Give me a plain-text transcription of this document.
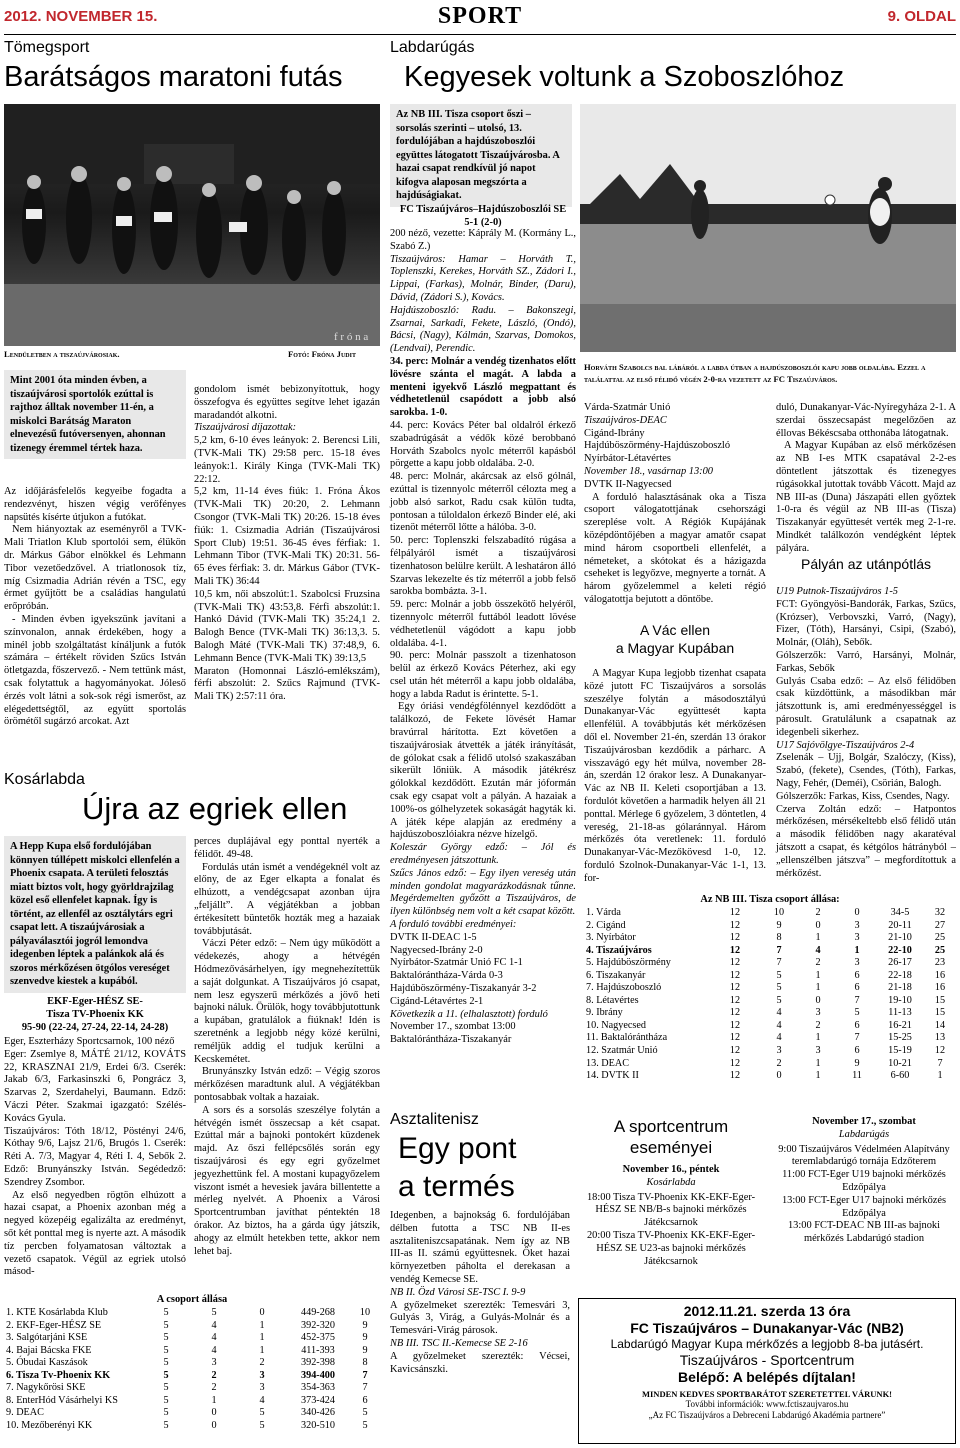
2012. NOVEMBER 15.	SPORT	9. OLDAL
Tömegsport
Barátságos maratoni futás
f r ó n a
Lendületben a tiszaújvárosiak.	Fotó: Fróna Judit
Mint 2001 óta minden évben, a tiszaújvárosi sportolók ezúttal is rajthoz álltak november 11-én, a miskolci Barátság Maraton elnevezésű futóversenyen, ahonnan tizenegy éremmel tértek haza.

Az időjárásfelelős kegyeibe fogadta a rendezvényt, hiszen végig verőfényes napsütés kísérte útjukon a futókat.

Nem hiányoztak az eseményről a TVK-Mali Triatlon Klub sportolói sem, élükön dr. Márkus Gábor elnökkel és Lehmann Tibor vezetőedzővel. A triatlonosok tíz, míg Csizmadia Adrián révén a TSC, egy érmet gyűjtött be a családias hangulatú erőpróbán.

- Minden évben igyekszünk javítani a színvonalon, annak érdekében, hogy a minél jobb szolgáltatást kínáljunk a futók számára – értékelt röviden Szűcs István ötletgazda, főszervező. - Nem tettünk mást, csak folytattuk a hagyományokat. Jóleső érzés volt látni a sok-sok régi ismerőst, az elégedettségtől, az együtt sportolás örömétől sugárzó arcokat. Azt

gondolom ismét bebizonyítottuk, hogy összefogva és együttes segítve lehet igazán maradandót alkotni.

Tiszaújvárosi díjazottak:

5,2 km, 6-10 éves leányok: 2. Berencsi Lili, (TVK-Mali TK) 29:58 perc. 15-18 éves leányok:1. Király Kinga (TVK-Mali TK) 22:12.

5,2 km, 11-14 éves fiúk: 1. Fróna Ákos (TVK-Mali TK) 20:20, 2. Lehmann Csongor (TVK-Mali TK) 20:26. 15-18 éves fiúk: 1. Csizmadia Adrián (Tiszaújvárosi Sport Club) 19:51. 36-45 éves férfiak: 1. Lehmann Tibor (TVK-Mali TK) 20:31. 56-65 éves férfiak: 3. dr. Márkus Gábor (TVK-Mali TK) 36:44

10,5 km, női abszolút:1. Szabolcsi Fruzsina (TVK-Mali TK) 43:53,8. Férfi abszolút:1. Hankó Dávid (TVK-Mali TK) 35:24,1 2. Balogh Bence (TVK-Mali TK) 36:13,3. 5. Balogh Máté (TVK-Mali TK) 37:48,9, 6. Lehmann Bence (TVK-Mali TK) 39:13,5

Maraton (Homonnai László-emlékszám), férfi abszolút: 2. Szűcs Rajmund (TVK-Mali TK) 2:57:11 óra.

Kosárlabda
Újra az egriek ellen
A Hepp Kupa első fordulójában könnyen túllépett miskolci ellenfelén a Phoenix csapata. A területi felosztás miatt biztos volt, hogy györldrajzilag közel eső ellenfelet kapnak. Így is történt, az ellenfél az osztálytárs egri csapat lett. A tiszaújvárosiak a pályaválasztói jogról lemondva idegenben léptek a palánkok alá és szoros mérkőzésen ötgólos vereséget szenvedve kiestek a kupából.
EKF-Eger-HÉSZ SE-
Tisza TV-Phoenix KK
95-90 (22-24, 27-24, 22-14, 24-28)

Eger, Eszterházy Sportcsarnok, 100 néző

Eger: Zsemlye 8, MÁTÉ 21/12, KOVÁTS 22, KRASZNAI 21/9, Erdei 6/3. Cserék: Jakab 6/3, Farkasinszki 6, Pongrácz 3, Szarvas 2, Szerdahelyi, Baumann. Edző: Váczi Péter. Szakmai igazgató: Szélés-Kovács Gyula.

Tiszaújváros: Tóth 18/12, Pöstényi 24/6, Kóthay 9/6, Lajsz 21/6, Brugós 1. Cserék: Réti A. 7/3, Magyar 4, Réti I. 4, Sebők 2. Edző: Brunyánszky István. Segédedző: Szendrey Zsombor.

Az első negyedben rögtön elhúzott a hazai csapat, a Phoenix azonban még a negyed közepéig egalizálta az eredményt, sőt két ponttal meg is nyerte azt. A második tíz percben folyamatosan változtak a vezető csapatok. Végül az egriek utolsó másod-

perces duplájával egy ponttal nyerték a félidőt. 49-48.

Fordulás után ismét a vendégeknél volt az előny, de az Eger elkapta a fonalat és elhúzott, a vendégcsapat azonban újra „feljállt”. A végjátékban a jobban értékesített büntetők hozták meg a hazaiak továbbjutását.

Váczi Péter edző: – Nem úgy működött a védekezés, ahogy a hétvégén Hódmezővásárhelyen, így megnehezítettük a saját dolgunkat. A Tiszaújváros jó csapat, nem lesz egyszerű mérkőzés a jövő heti bajnoki náluk. Örülök, hogy továbbjutottunk a kupában, gratulálok a fiúknak! Idén is szeretnénk a legjobb négy közé kerülni, reméljük addig el tudjuk kerülni a Kecskemétet.

Brunyánszky István edző: – Végig szoros mérkőzésen maradtunk alul. A végjátékban pontosabbak voltak a hazaiak.

A sors és a sorsolás szeszélye folytán a hétvégén ismét összecsap a két csapat. Ezúttal már a bajnoki pontokért küzdenek majd. Az őszi fellépcsőlés során egy tiszaújvárosi és egy egri győzelmet jegyezhettünk fel. A mostani kupagyőzelem viszont ismét a hevesiek javára billentette a mérleg nyelvét. A Phoenix a Városi Sportcentrumban javíthat péntektén 18 órakor. Az biztos, ha a gárda úgy játszik, ahogy az elmúlt hetekben tette, akkor nem lehet baj.

A csoport állása
1. KTE Kosárlabda Klub	5	5	0	449-268	10
2. EKF-Eger-HÉSZ SE	5	4	1	392-320	9
3. Salgótarjáni KSE	5	4	1	452-375	9
4. Bajai Bácska FKE	5	4	1	411-393	9
5. Óbudai Kaszások	5	3	2	392-398	8
6. Tisza Tv-Phoenix KK	5	2	3	394-400	7
7. Nagykőrösi SKE	5	2	3	354-363	7
8. EnterHód Vásárhelyi KS	5	1	4	373-424	6
9. DEAC	5	0	5	340-426	5
10. Mezőberényi KK	5	0	5	320-510	5
Labdarúgás
Kegyesek voltunk a Szoboszlóhoz
Az NB III. Tisza csoport őszi – sorsolás szerinti – utolsó, 13. fordulójában a hajdúszoboszlói együttes látogatott Tiszaújvárosba. A hazai csapat rendkívül jó napot kifogva alaposan megszórta a hajdúságiakat.
FC Tiszaújváros–Hajdúszoboszlói SE
5-1 (2-0)

200 néző, vezette: Káprály M. (Kormány L., Szabó Z.)

Tiszaújváros: Hamar – Horváth T., Toplenszki, Kerekes, Horváth SZ., Zádori I., Lippai, (Farkas), Molnár, Binder, (Daru), Dávid, (Zádori S.), Kovács.

Hajdúszoboszló: Radu. – Bakonszegi, Zsarnai, Sarkadi, Fekete, László, (Ondó), Bácsi, (Nagy), Kálmán, Szarvas, Domokos, (Lendvai), Perendic.

34. perc: Molnár a vendég tizenhatos előtt lövésre szánta el magát. A labda a menteni igyekvő László megpattant és védhetetlenül csapódott a jobb alsó sarokba. 1-0.

44. perc: Kovács Péter bal oldalról érkező szabadrúgását a védők közé berobbanó Horváth Szabolcs nyolc méterről kapásból pörgette a kapu jobb oldalába. 2-0.

48. perc: Molnár, akárcsak az első gólnál, ezúttal is tizennyolc méterről célozta meg a jobb alsó sarkot, Radu csak külön tudta, pontosan a túloldalon érkező Binder elé, aki tizenöt méterről lőtte a hálóba. 3-0.

50. perc: Toplenszki felszabadító rúgása a félpályáról ismét a tiszaújvárosi tizenhatoson belülre került. A leshatáron álló Szarvas lekezelte és tíz méterről a jobb felső sarokba bombázta. 3-1.

59. perc: Molnár a jobb összekötő helyéről, tizennyolc méterről futtából leadott lövése védhetetlenül vágódott a kapu jobb oldalába. 4-1.

90. perc: Molnár passzolt a tizenhatoson belül az érkező Kovács Péterhez, aki egy csel után hét méterről a kapu jobb oldalába, hogy a labda Radut is érintette. 5-1.

Egy óriási vendégfölénnyel kezdődött a találkozó, de Fekete lövését Hamar bravúrral hárította. Ezt követően a tiszaújvárosiak átvették a játék irányítását, de gólokat csak a félidő utolsó szakaszában sikerült lőniük. A második játékrész gólokkal kezdődött. Ezután már jóformán csak egy csapat volt a pályán. A hazaiak a 100%-os gólhelyzetek sokaságát hagyták ki. A játék képe alapján az eredmény a hajdúszoboszlóiakra nézve hízelgő.

Koleszár György edző: – Jól és eredményesen játszottunk.

Szűcs János edző: – Egy ilyen vereség után minden gondolat magyarázkodásnak tűnne. Megérdemelten győzött a Tiszaújváros, de ilyen különbség nem volt a két csapat között.

A forduló további eredményei:

DVTK II-DEAC 1-5

Nagyecsed-Ibrány 2-0

Nyírbátor-Szatmár Unió FC 1-1

Baktalórántháza-Várda 0-3

Hajdúböszörmény-Tiszakanyár 3-2

Cigánd-Létavértes 2-1

Következik a 11. (elhalasztott) forduló

November 17., szombat 13:00

Baktalórántháza-Tiszakanyár

Horváth Szabolcs bal lábáról a labda útban a hajdúszoboszlói kapu jobb oldalába. Ezzel a találattal az első félidő végén 2-0-ra vezetett az FC Tiszaújváros.

Várda-Szatmár Unió

Tiszaújváros-DEAC

Cigánd-Ibrány

Hajdúböszörmény-Hajdúszoboszló

Nyírbátor-Létavértes

November 18., vasárnap 13:00

DVTK II-Nagyecsed

A forduló halasztásának oka a Tisza csoport válogatottjának csehországi szereplése volt. A Régiók Kupájának középdöntőjében a magyar amatőr csapat mind három csoportbeli ellenfelét, a németeket, a skótokat és a házigazda cseheket is legyőzve, megnyerte a tornát. A három győzelemmel a keleti régió válogatottja bejutott a döntőbe.

A Vác ellen
a Magyar Kupában

A Magyar Kupa legjobb tizenhat csapata közé jutott FC Tiszaújváros a sorsolás szeszélye folytán a másodosztályú Dunakanyar-Vác együttesét kapta ellenfélül. A továbbjutás két mérkőzésen dől el. November 21-én, szerdán 13 órakor Tiszaújvárosban kezdődik a párharc. A visszavágó egy hét múlva, november 28-án, szerdán 12 órakor lesz. A Dunakanyar-Vác az NB II. Keleti csoportjában a 13. fordulót követően a harmadik helyen áll 21 ponttal. Mérlege 6 győzelem, 3 döntetlen, 4 vereség, 21-18-as gólaránnyal. Három mérkőzés óta veretlenek: 11. forduló Dunakanyar-Vác-Mezőkövesd 1-0, 12. forduló Szolnok-Dunakanyar-Vác 1-1, 13. for-

duló, Dunakanyar-Vác-Nyíregyháza 2-1. A szerdai összecsapást megelőzően az éllovas Békéscsaba otthonába látogatnak.

A Magyar Kupában az első mérkőzésen az NB I-es MTK csapatával 2-2-es döntetlent játszottak és tizenegyes rúgásokkal jutottak tovább Vácott. Majd az NB III-as (Duna) Jászapáti ellen győztek 1-0-ra és végül az NB III-as (Tisza) Tiszakanyár együttesét verték meg 2-1-re. Mindkét találkozón vendégként léptek pályára.

Pályán az utánpótlás

U19 Putnok-Tiszaújváros 1-5

FCT: Gyöngyösi-Bandorák, Farkas, Szűcs, (Krózser), Verbovszki, Varró, (Nagy), Fizer, (Tóth), Harsányi, Csipi, (Szabó), Molnár, (Oláh), Sebők.

Gólszerzők: Varró, Harsányi, Molnár, Farkas, Sebők

Gulyás Csaba edző: – Az első félidőben csak küzdöttünk, a másodikban már játszottunk is, ami eredményességgel is párosult. Gratulálunk a csapatnak az idegenbeli sikerhez.

U17 Sajóvölgye-Tiszaújváros 2-4

Zselenák – Ujj, Bolgár, Szalóczy, (Kiss), Szabó, (fekete), Csendes, (Tóth), Farkas, Nagy, Fehér, (Deméi), Csörián, Balogh.

Gólszerzők: Farkas, Kiss, Csendes, Nagy.

Czerva Zoltán edző: – Hatpontos mérkőzésen, mérsékeltebb első félidő után a második félidőben nagy akaratéval játszott a csapat, és kétgólos hátrányból – „ellenszélben játszva” – megfordítottuk a mérkőzést.

Az NB III. Tisza csoport állása:
1. Várda	12	10	2	0	34-5	32
2. Cigánd	12	9	0	3	20-11	27
3. Nyírbátor	12	8	1	3	21-10	25
4. Tiszaújváros	12	7	4	1	22-10	25
5. Hajdúböszörmény	12	7	2	3	26-17	23
6. Tiszakanyár	12	5	1	6	22-18	16
7. Hajdúszoboszló	12	5	1	6	21-18	16
8. Létavértes	12	5	0	7	19-10	15
9. Ibrány	12	4	3	5	11-13	15
10. Nagyecsed	12	4	2	6	16-21	14
11. Baktalórántháza	12	4	1	7	15-25	13
12. Szatmár Unió	12	3	3	6	15-19	12
13. DEAC	12	2	1	9	10-21	7
14. DVTK II	12	0	1	11	6-60	1
Asztalitenisz
Egy pont
a termés

Idegenben, a bajnokság 6. fordulójában délben futotta a TSC NB II-es asztaliteniszcsapatának. Nem így az NB III-as II. számú együttesnek. Őket hazai környezetben páholta el derekasan a vendég Kemecse SE.

NB II. Özd Városi SE-TSC I. 9-9

A győzelmeket szerezték: Temesvári 3, Gulyás 3, Virág, a Gulyás-Molnár és a Temesvári-Virág párosok.

NB III. TSC II.-Kemecse SE 2-16

A győzelmeket szerezték: Vécsei, Kavicsánszki.

A sportcentrum
eseményei
November 16., péntek
Kosárlabda
18:00 Tisza TV-Phoenix KK-EKF-Eger-HÉSZ SE NB/B-s bajnoki mérkőzés Játékcsarnok
20:00 Tisza TV-Phoenix KK-EKF-Eger-HÉSZ SE U23-as bajnoki mérkőzés Játékcsarnok
November 17., szombat
Labdarúgás
9:00 Tiszaújváros Védelméen Alapítvány teremlabdarúgó tornája Edzőterem
11:00 FCT-Eger U19 bajnoki mérkőzés Edzőpálya
13:00 FCT-Eger U17 bajnoki mérkőzés Edzőpálya
13:00 FCT-DEAC NB III-as bajnoki mérkőzés Labdarúgó stadion
2012.11.21. szerda 13 óra
FC Tiszaújváros – Dunakanyar-Vác (NB2)
Labdarúgó Magyar Kupa mérkőzés a legjobb 8-ba jutásért.
Tiszaújváros - Sportcentrum
Belépő: A belépés díjtalan!
MINDEN KEDVES SPORTBARÁTOT SZERETETTEL VÁRUNK!
További információk: www.fctiszaujvaros.hu
„Az FC Tiszaújváros a Debreceni Labdarúgó Akadémia partnere”
